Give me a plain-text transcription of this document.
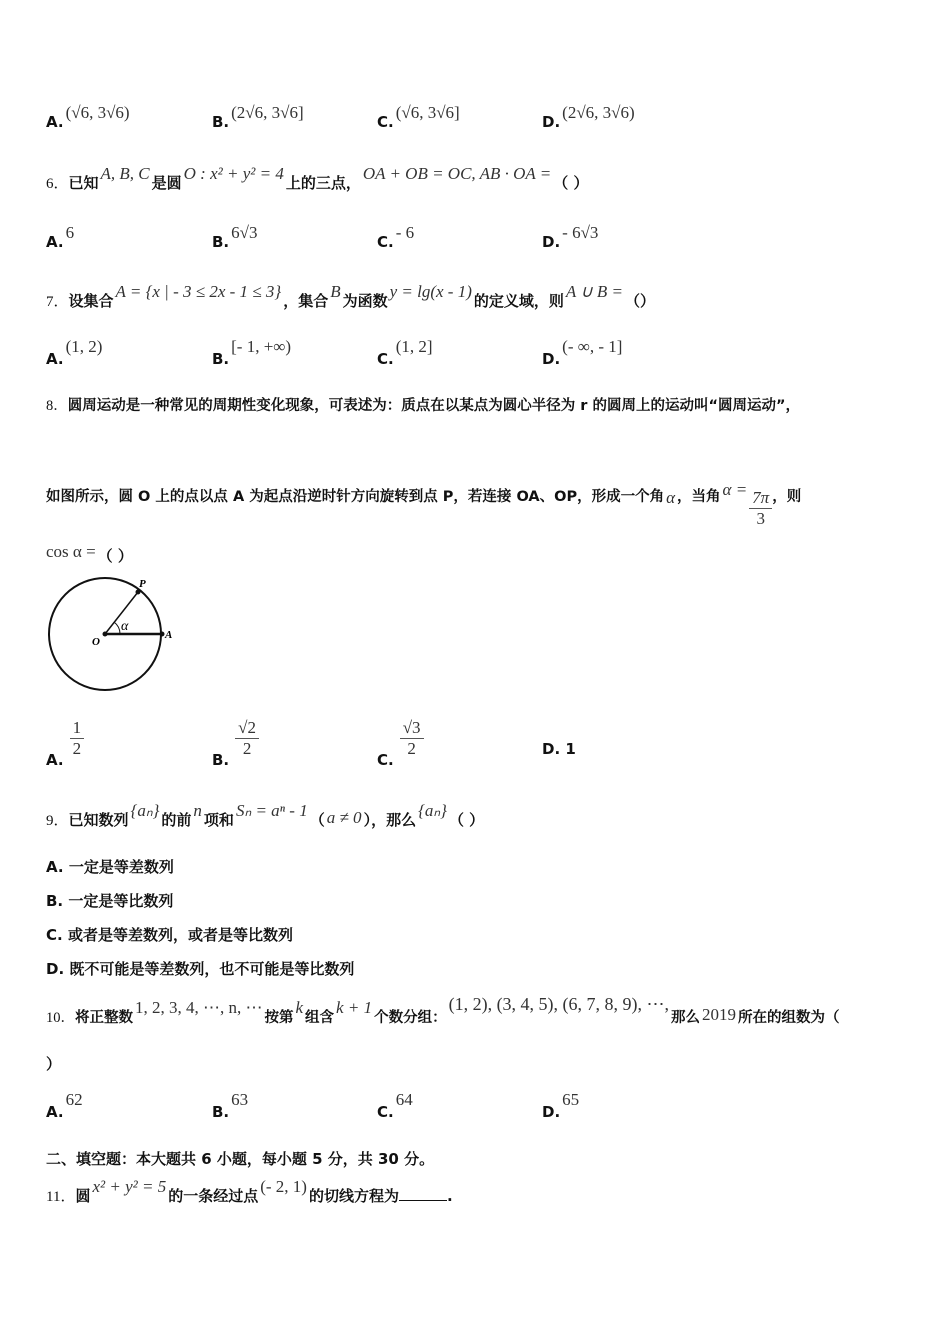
A. (√6, 3√6)	B. (2√6, 3√6]	C. (√6, 3√6]	D. (2√6, 3√6)
6．已知 A, B, C 是圆 O : x² + y² = 4 上的三点， OA + OB = OC, AB · OA = （ ）
A. 6	B. 6√3	C. - 6	D. - 6√3
7．设集合 A = {x | - 3 ≤ 2x - 1 ≤ 3} ，集合 B 为函数 y = lg(x - 1) 的定义域，则 A ∪ B = （）
A.(1, 2)
B.[- 1, +∞)
C.(1, 2]
D.(- ∞, - 1]
8．圆周运动是一种常见的周期性变化现象，可表述为：质点在以某点为圆心半径为 r 的圆周上的运动叫“圆周运动”，
如图所示，圆 O 上的点以点 A 为起点沿逆时针方向旋转到点 P，若连接 OA、OP，形成一个角 α ，当角 $\alpha = \frac{7\pi}{3}$ ，则
cos α = （ ）
O
A
P
α
A.
$\frac{1}{2}$
B.
$\frac{√2}{2}$
C.
$\frac{√3}{2}$	D. 1
9．已知数列 {aₙ} 的前 n 项和 Sₙ = aⁿ - 1 （ a ≠ 0 ），那么 {aₙ} （ ）
A. 一定是等差数列
B. 一定是等比数列
C. 或者是等差数列，或者是等比数列
D. 既不可能是等差数列，也不可能是等比数列
10．将正整数1, 2, 3, 4, ⋯, n, ⋯按第k组含k + 1个数分组：(1, 2), (3, 4, 5), (6, 7, 8, 9), ⋯,那么 2019 所在的组数为（
）
A.62
B.63
C.64
D.65
二、填空题：本大题共 6 小题，每小题 5 分，共 30 分。
11．圆 x² + y² = 5 的一条经过点 (- 2, 1) 的切线方程为	.
